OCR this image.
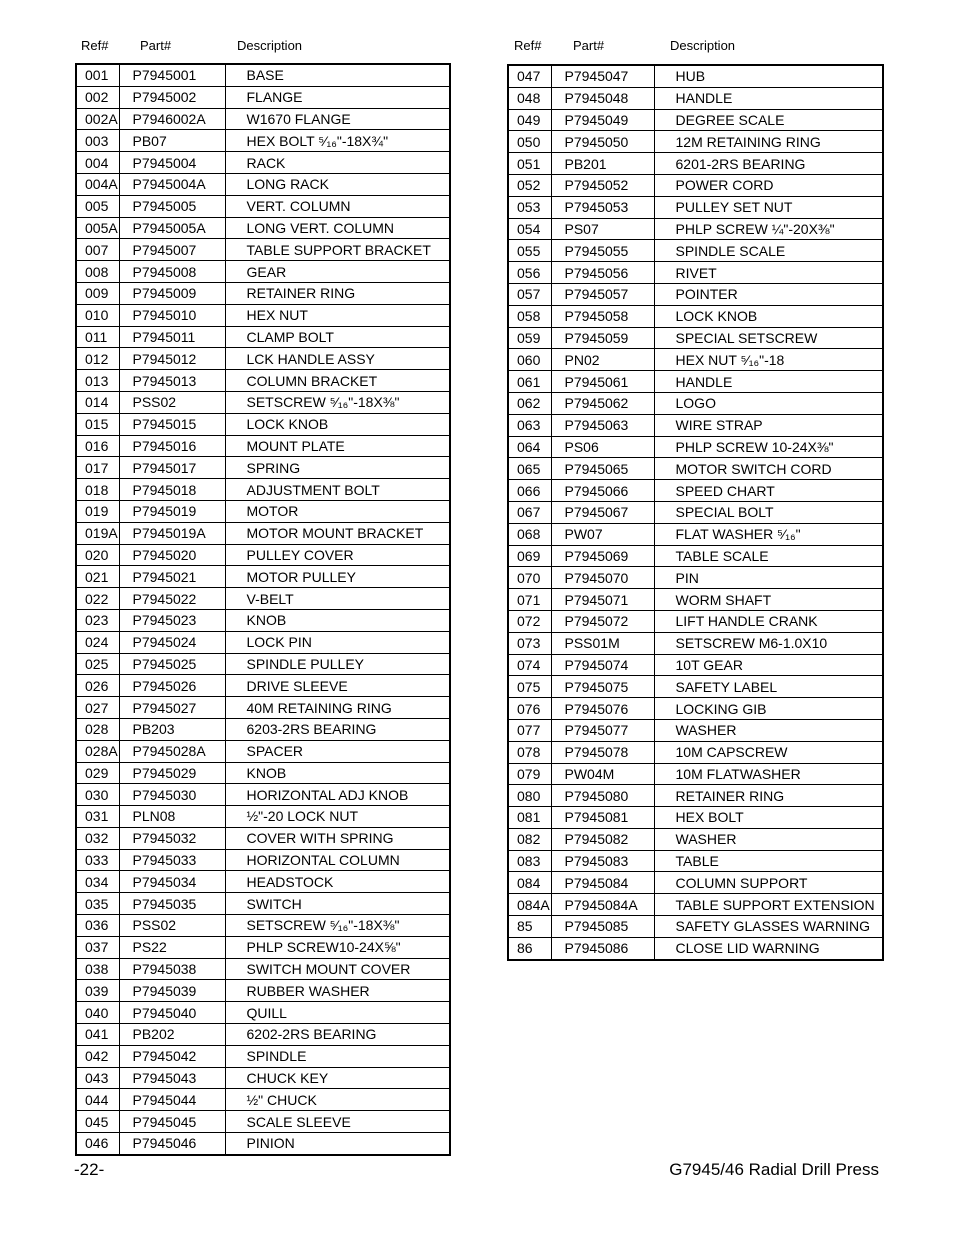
Ref# Part#	Description	Ref# Part#	Description
001	P7945001	BASE
002	P7945002	FLANGE
002A	P7946002A	W1670 FLANGE
003	PB07	HEX BOLT ⁵⁄₁₆"-18X¾"
004	P7945004	RACK
004A	P7945004A	LONG RACK
005	P7945005	VERT. COLUMN
005A	P7945005A	LONG VERT. COLUMN
007	P7945007	TABLE SUPPORT BRACKET
008	P7945008	GEAR
009	P7945009	RETAINER RING
010	P7945010	HEX NUT
011	P7945011	CLAMP BOLT
012	P7945012	LCK HANDLE ASSY
013	P7945013	COLUMN BRACKET
014	PSS02	SETSCREW ⁵⁄₁₆"-18X⅜"
015	P7945015	LOCK KNOB
016	P7945016	MOUNT PLATE
017	P7945017	SPRING
018	P7945018	ADJUSTMENT BOLT
019	P7945019	MOTOR
019A	P7945019A	MOTOR MOUNT BRACKET
020	P7945020	PULLEY COVER
021	P7945021	MOTOR PULLEY
022	P7945022	V-BELT
023	P7945023	KNOB
024	P7945024	LOCK PIN
025	P7945025	SPINDLE PULLEY
026	P7945026	DRIVE SLEEVE
027	P7945027	40M RETAINING RING
028	PB203	6203-2RS BEARING
028A	P7945028A	SPACER
029	P7945029	KNOB
030	P7945030	HORIZONTAL ADJ KNOB
031	PLN08	½"-20 LOCK NUT
032	P7945032	COVER WITH SPRING
033	P7945033	HORIZONTAL COLUMN
034	P7945034	HEADSTOCK
035	P7945035	SWITCH
036	PSS02	SETSCREW ⁵⁄₁₆"-18X⅜"
037	PS22	PHLP SCREW10-24X⅝"
038	P7945038	SWITCH MOUNT COVER
039	P7945039	RUBBER WASHER
040	P7945040	QUILL
041	PB202	6202-2RS BEARING
042	P7945042	SPINDLE
043	P7945043	CHUCK KEY
044	P7945044	½" CHUCK
045	P7945045	SCALE SLEEVE
046	P7945046	PINION
047	P7945047	HUB
048	P7945048	HANDLE
049	P7945049	DEGREE SCALE
050	P7945050	12M RETAINING RING
051	PB201	6201-2RS BEARING
052	P7945052	POWER CORD
053	P7945053	PULLEY SET NUT
054	PS07	PHLP SCREW ¼"-20X⅜"
055	P7945055	SPINDLE SCALE
056	P7945056	RIVET
057	P7945057	POINTER
058	P7945058	LOCK KNOB
059	P7945059	SPECIAL SETSCREW
060	PN02	HEX NUT ⁵⁄₁₆"-18
061	P7945061	HANDLE
062	P7945062	LOGO
063	P7945063	WIRE STRAP
064	PS06	PHLP SCREW 10-24X⅜"
065	P7945065	MOTOR SWITCH CORD
066	P7945066	SPEED CHART
067	P7945067	SPECIAL BOLT
068	PW07	FLAT WASHER ⁵⁄₁₆"
069	P7945069	TABLE SCALE
070	P7945070	PIN
071	P7945071	WORM SHAFT
072	P7945072	LIFT HANDLE CRANK
073	PSS01M	SETSCREW M6-1.0X10
074	P7945074	10T GEAR
075	P7945075	SAFETY LABEL
076	P7945076	LOCKING GIB
077	P7945077	WASHER
078	P7945078	10M CAPSCREW
079	PW04M	10M FLATWASHER
080	P7945080	RETAINER RING
081	P7945081	HEX BOLT
082	P7945082	WASHER
083	P7945083	TABLE
084	P7945084	COLUMN SUPPORT
084A	P7945084A	TABLE SUPPORT EXTENSION
85	P7945085	SAFETY GLASSES WARNING
86	P7945086	CLOSE LID WARNING
-22-	G7945/46 Radial Drill Press
